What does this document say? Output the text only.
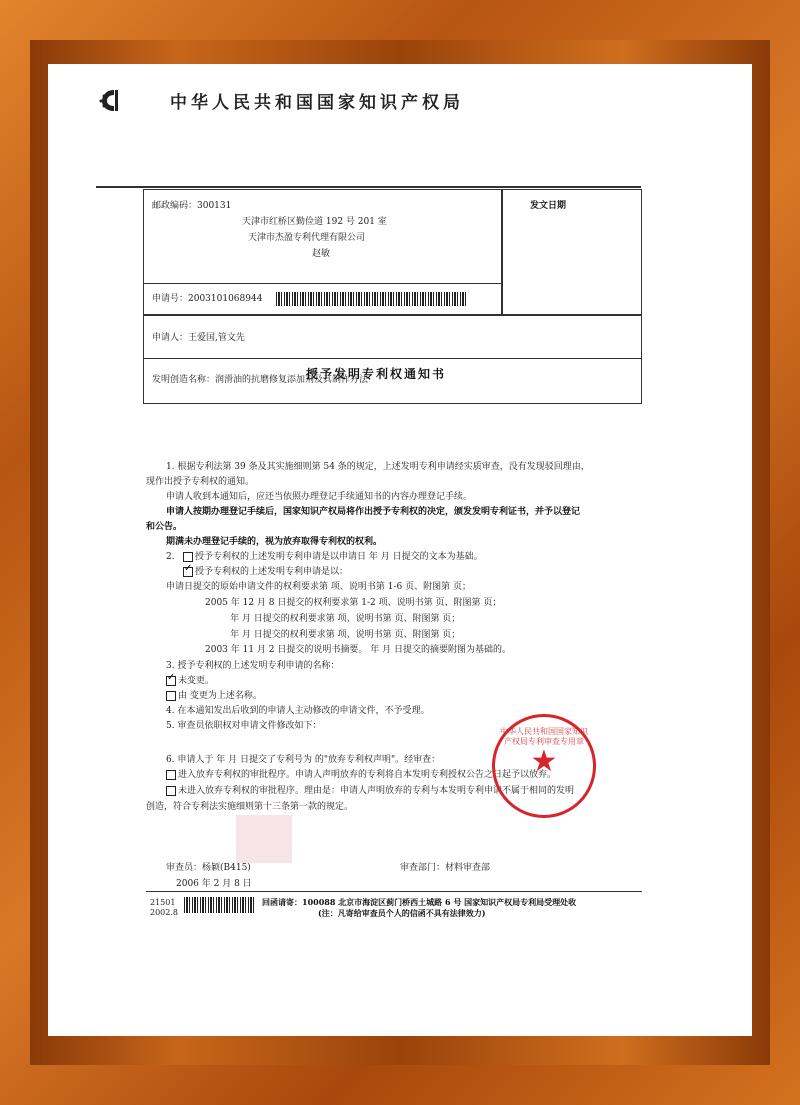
中华人民共和国国家知识产权局
邮政编码：300131
天津市红桥区勤俭道 192 号 201 室
天津市杰盈专利代理有限公司
赵敏
发文日期
申请号：2003101068944
申请人：王爱国,管文先
发明创造名称：润滑油的抗磨修复添加剂及其制作方法
授予发明专利权通知书
1. 根据专利法第 39 条及其实施细则第 54 条的规定，上述发明专利申请经实质审查，没有发现驳回理由，
现作出授予专利权的通知。
申请人收到本通知后，应还当依照办理登记手续通知书的内容办理登记手续。
申请人按期办理登记手续后，国家知识产权局将作出授予专利权的决定，颁发发明专利证书，并予以登记
和公告。
期满未办理登记手续的，视为放弃取得专利权的权利。
2. 授予专利权的上述发明专利申请是以申请日 年 月 日提交的文本为基础。
✓ 授予专利权的上述发明专利申请是以：
申请日提交的原始申请文件的权利要求第 项、说明书第 1-6 页、附图第 页；
2005 年 12 月 8 日提交的权利要求第 1-2 项、说明书第 页、附图第 页；
年 月 日提交的权利要求第 项、说明书第 页、附图第 页；
年 月 日提交的权利要求第 项、说明书第 页、附图第 页；
2003 年 11 月 2 日提交的说明书摘要。 年 月 日提交的摘要附图为基础的。
3. 授予专利权的上述发明专利申请的名称：
✓ 未变更。
由 变更为上述名称。
4. 在本通知发出后收到的申请人主动修改的申请文件，不予受理。
5. 审查员依职权对申请文件修改如下：
6. 申请人于 年 月 日提交了专利号为 的"放弃专利权声明"。经审查：
进入放弃专利权的审批程序。申请人声明放弃的专利将自本发明专利授权公告之日起予以放弃。
未进入放弃专利权的审批程序。理由是：申请人声明放弃的专利与本发明专利申请不属于相同的发明
创造，符合专利法实施细则第十三条第一款的规定。
中华人民共和国国家知识产权局专利审查专用章
★
审查员：杨颖(B415)	审查部门：材料审查部
2006 年 2 月 8 日
21501
2002.8
回函请寄：100088 北京市海淀区蓟门桥西土城路 6 号 国家知识产权局专利局受理处收
(注：凡寄给审查员个人的信函不具有法律效力)
